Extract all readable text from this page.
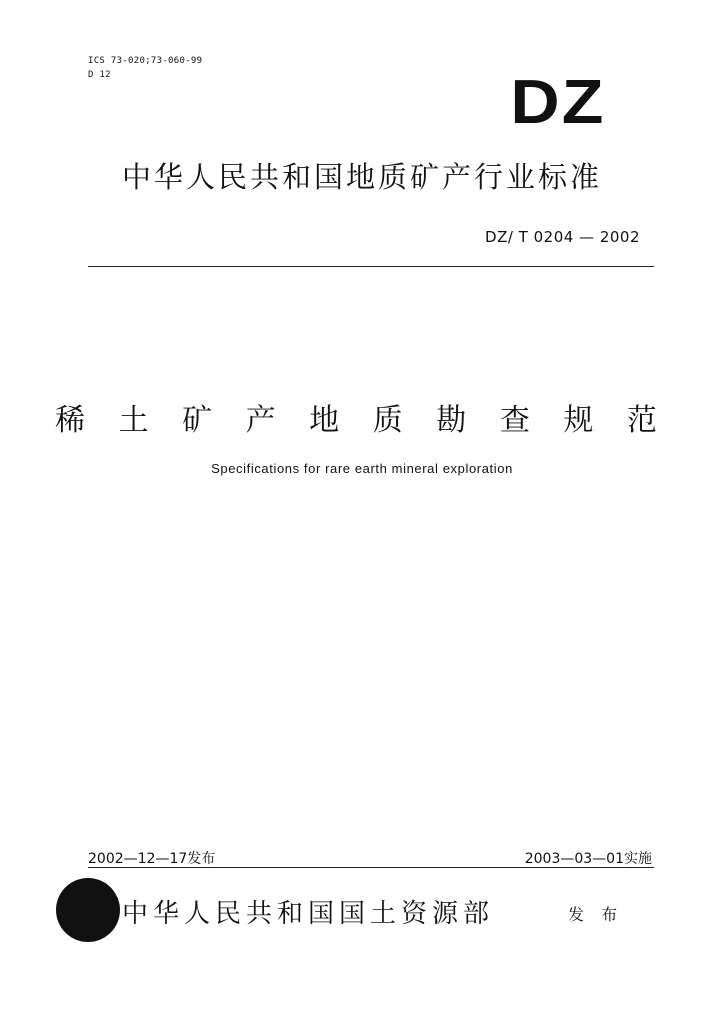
ICS 73-020;73-060-99
D 12	DZ
中华人民共和国地质矿产行业标准
DZ/ T 0204 — 2002
稀 土 矿 产 地 质 勘 查 规 范
Specifications for rare earth mineral exploration
2002—12—17发布	2003—03—01实施
中华人民共和国国土资源部	发 布
